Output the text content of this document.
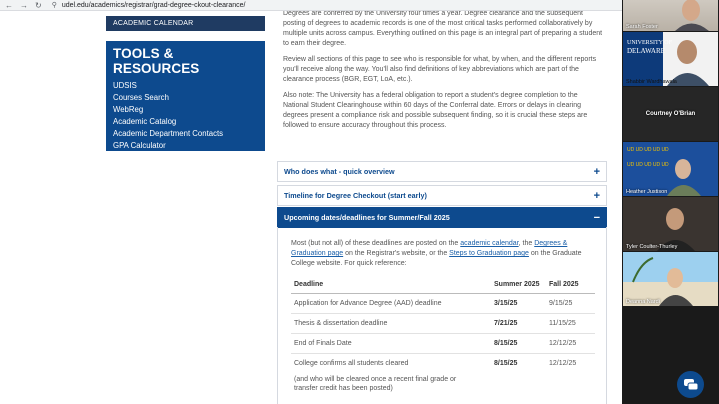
← → ↻ ⚲ udel.edu/academics/registrar/grad-degree-ckout-clearance/
ACADEMIC CALENDAR
TOOLS & RESOURCES
UDSIS
Courses Search
WebReg
Academic Catalog
Academic Department Contacts
GPA Calculator

Degrees are conferred by the University four times a year. Degree clearance and the subsequent posting of degrees to academic records is one of the most critical tasks performed collaboratively by multiple units across campus. Everything outlined on this page is an integral part of preparing a student to earn their degree.

Review all sections of this page to see who is responsible for what, by when, and the different reports you'll receive along the way. You'll also find definitions of key abbreviations which are part of the clearance process (BGR, EGT, LoA, etc.).

Also note: The University has a federal obligation to report a student's degree completion to the National Student Clearinghouse within 60 days of the Conferral date. Errors or delays in clearing degrees present a compliance risk and possible subsequent finding, so it is crucial these steps are followed to ensure accuracy throughout this process.

Who does what - quick overview	+
Timeline for Degree Checkout (start early)	+
Upcoming dates/deadlines for Summer/Fall 2025	−

Most (but not all) of these deadlines are posted on the academic calendar, the Degrees & Graduation page on the Registrar's website, or the Steps to Graduation page on the Graduate College website. For quick reference:

Deadline	Summer 2025	Fall 2025
Application for Advance Degree (AAD) deadline	3/15/25	9/15/25
Thesis & dissertation deadline	7/21/25	11/15/25
End of Finals Date	8/15/25	12/12/25
College confirms all students cleared	8/15/25	12/12/25
(and who will be cleared once a recent final grade or transfer credit has been posted)		
Sarah Foster
UNIVERSITY OF
DELAWARE
Shabbir Wardhawala
Courtney O'Brian
UD UD UD UD UD
UD UD UD UD UD
Heather Justison
Tyler Coulter-Thurley
Deanna Nardi
